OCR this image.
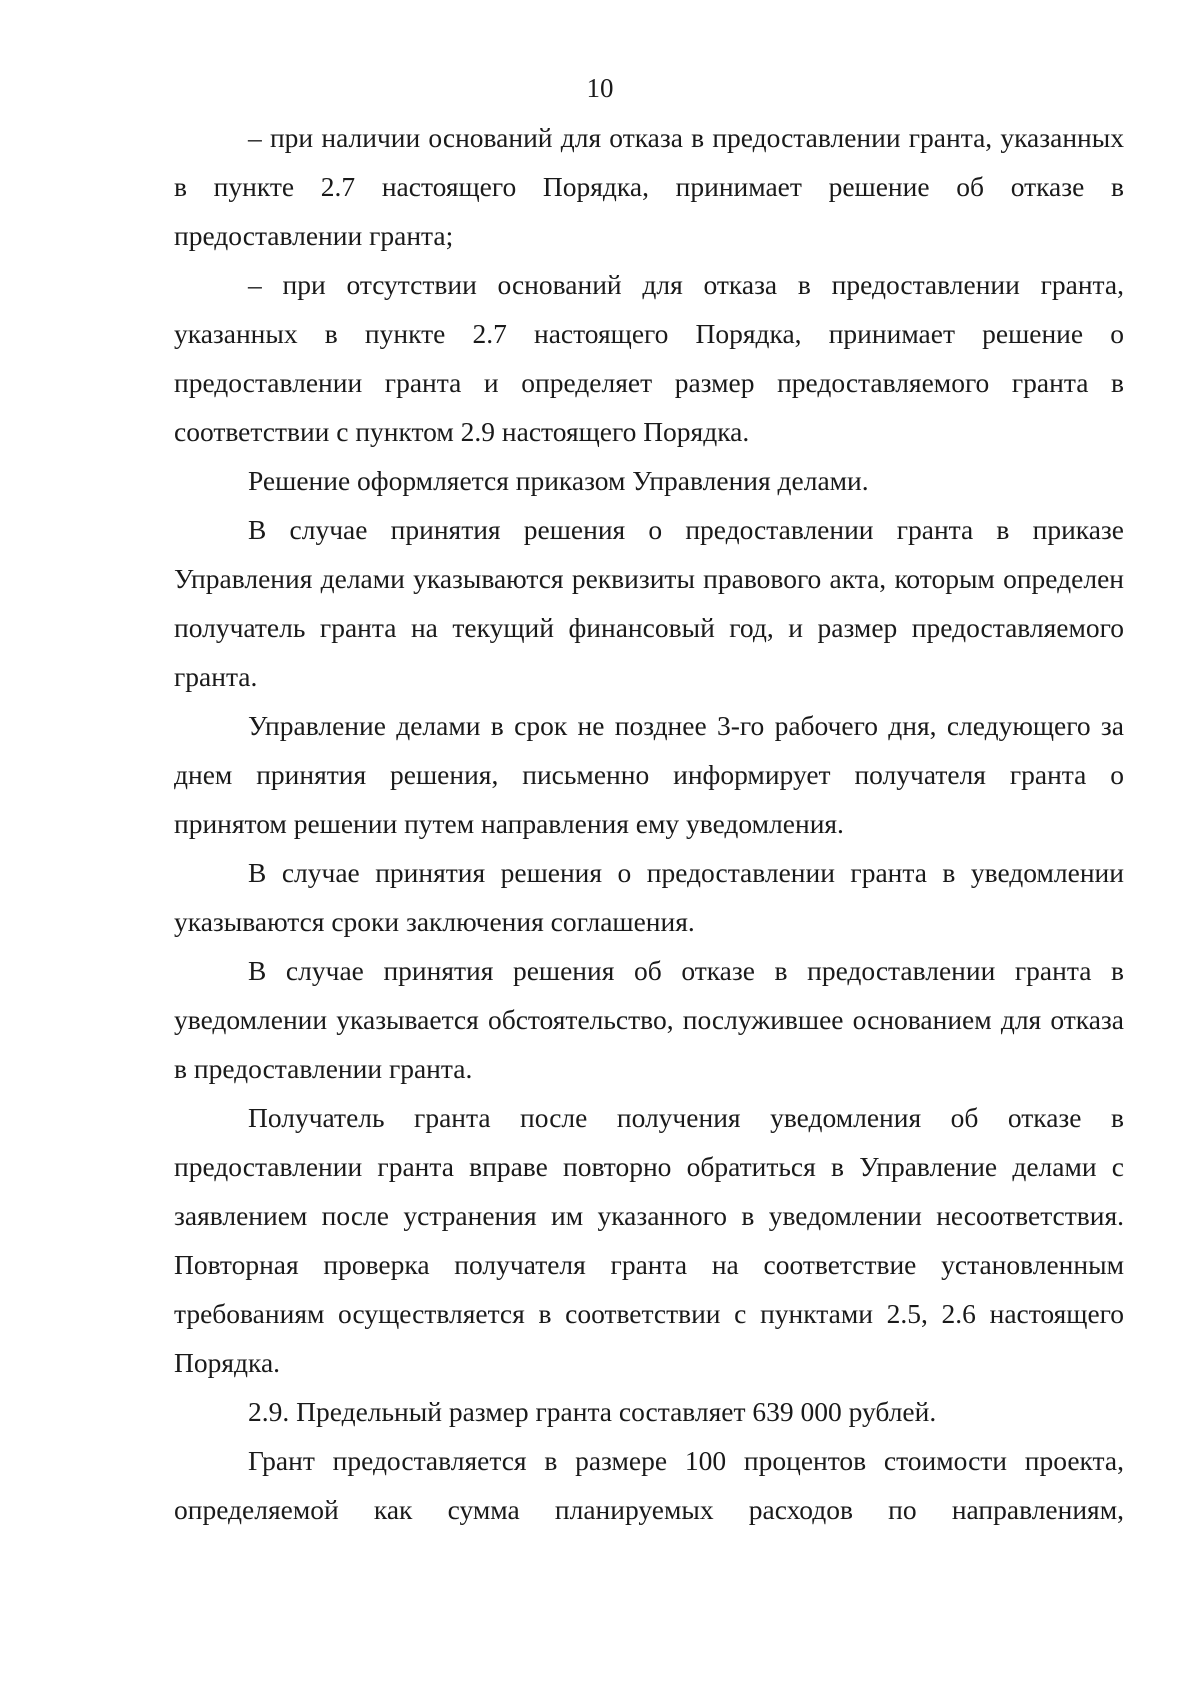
10

– при наличии оснований для отказа в предоставлении гранта, указанных в пункте 2.7 настоящего Порядка, принимает решение об отказе в предоставлении гранта;

– при отсутствии оснований для отказа в предоставлении гранта, указанных в пункте 2.7 настоящего Порядка, принимает решение о предоставлении гранта и определяет размер предоставляемого гранта в соответствии с пунктом 2.9 настоящего Порядка.

Решение оформляется приказом Управления делами.

В случае принятия решения о предоставлении гранта в приказе Управления делами указываются реквизиты правового акта, которым определен получатель гранта на текущий финансовый год, и размер предоставляемого гранта.

Управление делами в срок не позднее 3-го рабочего дня, следующего за днем принятия решения, письменно информирует получателя гранта о принятом решении путем направления ему уведомления.

В случае принятия решения о предоставлении гранта в уведомлении указываются сроки заключения соглашения.

В случае принятия решения об отказе в предоставлении гранта в уведомлении указывается обстоятельство, послужившее основанием для отказа в предоставлении гранта.

Получатель гранта после получения уведомления об отказе в предоставлении гранта вправе повторно обратиться в Управление делами с заявлением после устранения им указанного в уведомлении несоответствия. Повторная проверка получателя гранта на соответствие установленным требованиям осуществляется в соответствии с пунктами 2.5, 2.6 настоящего Порядка.

2.9. Предельный размер гранта составляет 639 000 рублей.

Грант предоставляется в размере 100 процентов стоимости проекта, определяемой как сумма планируемых расходов по направлениям,
